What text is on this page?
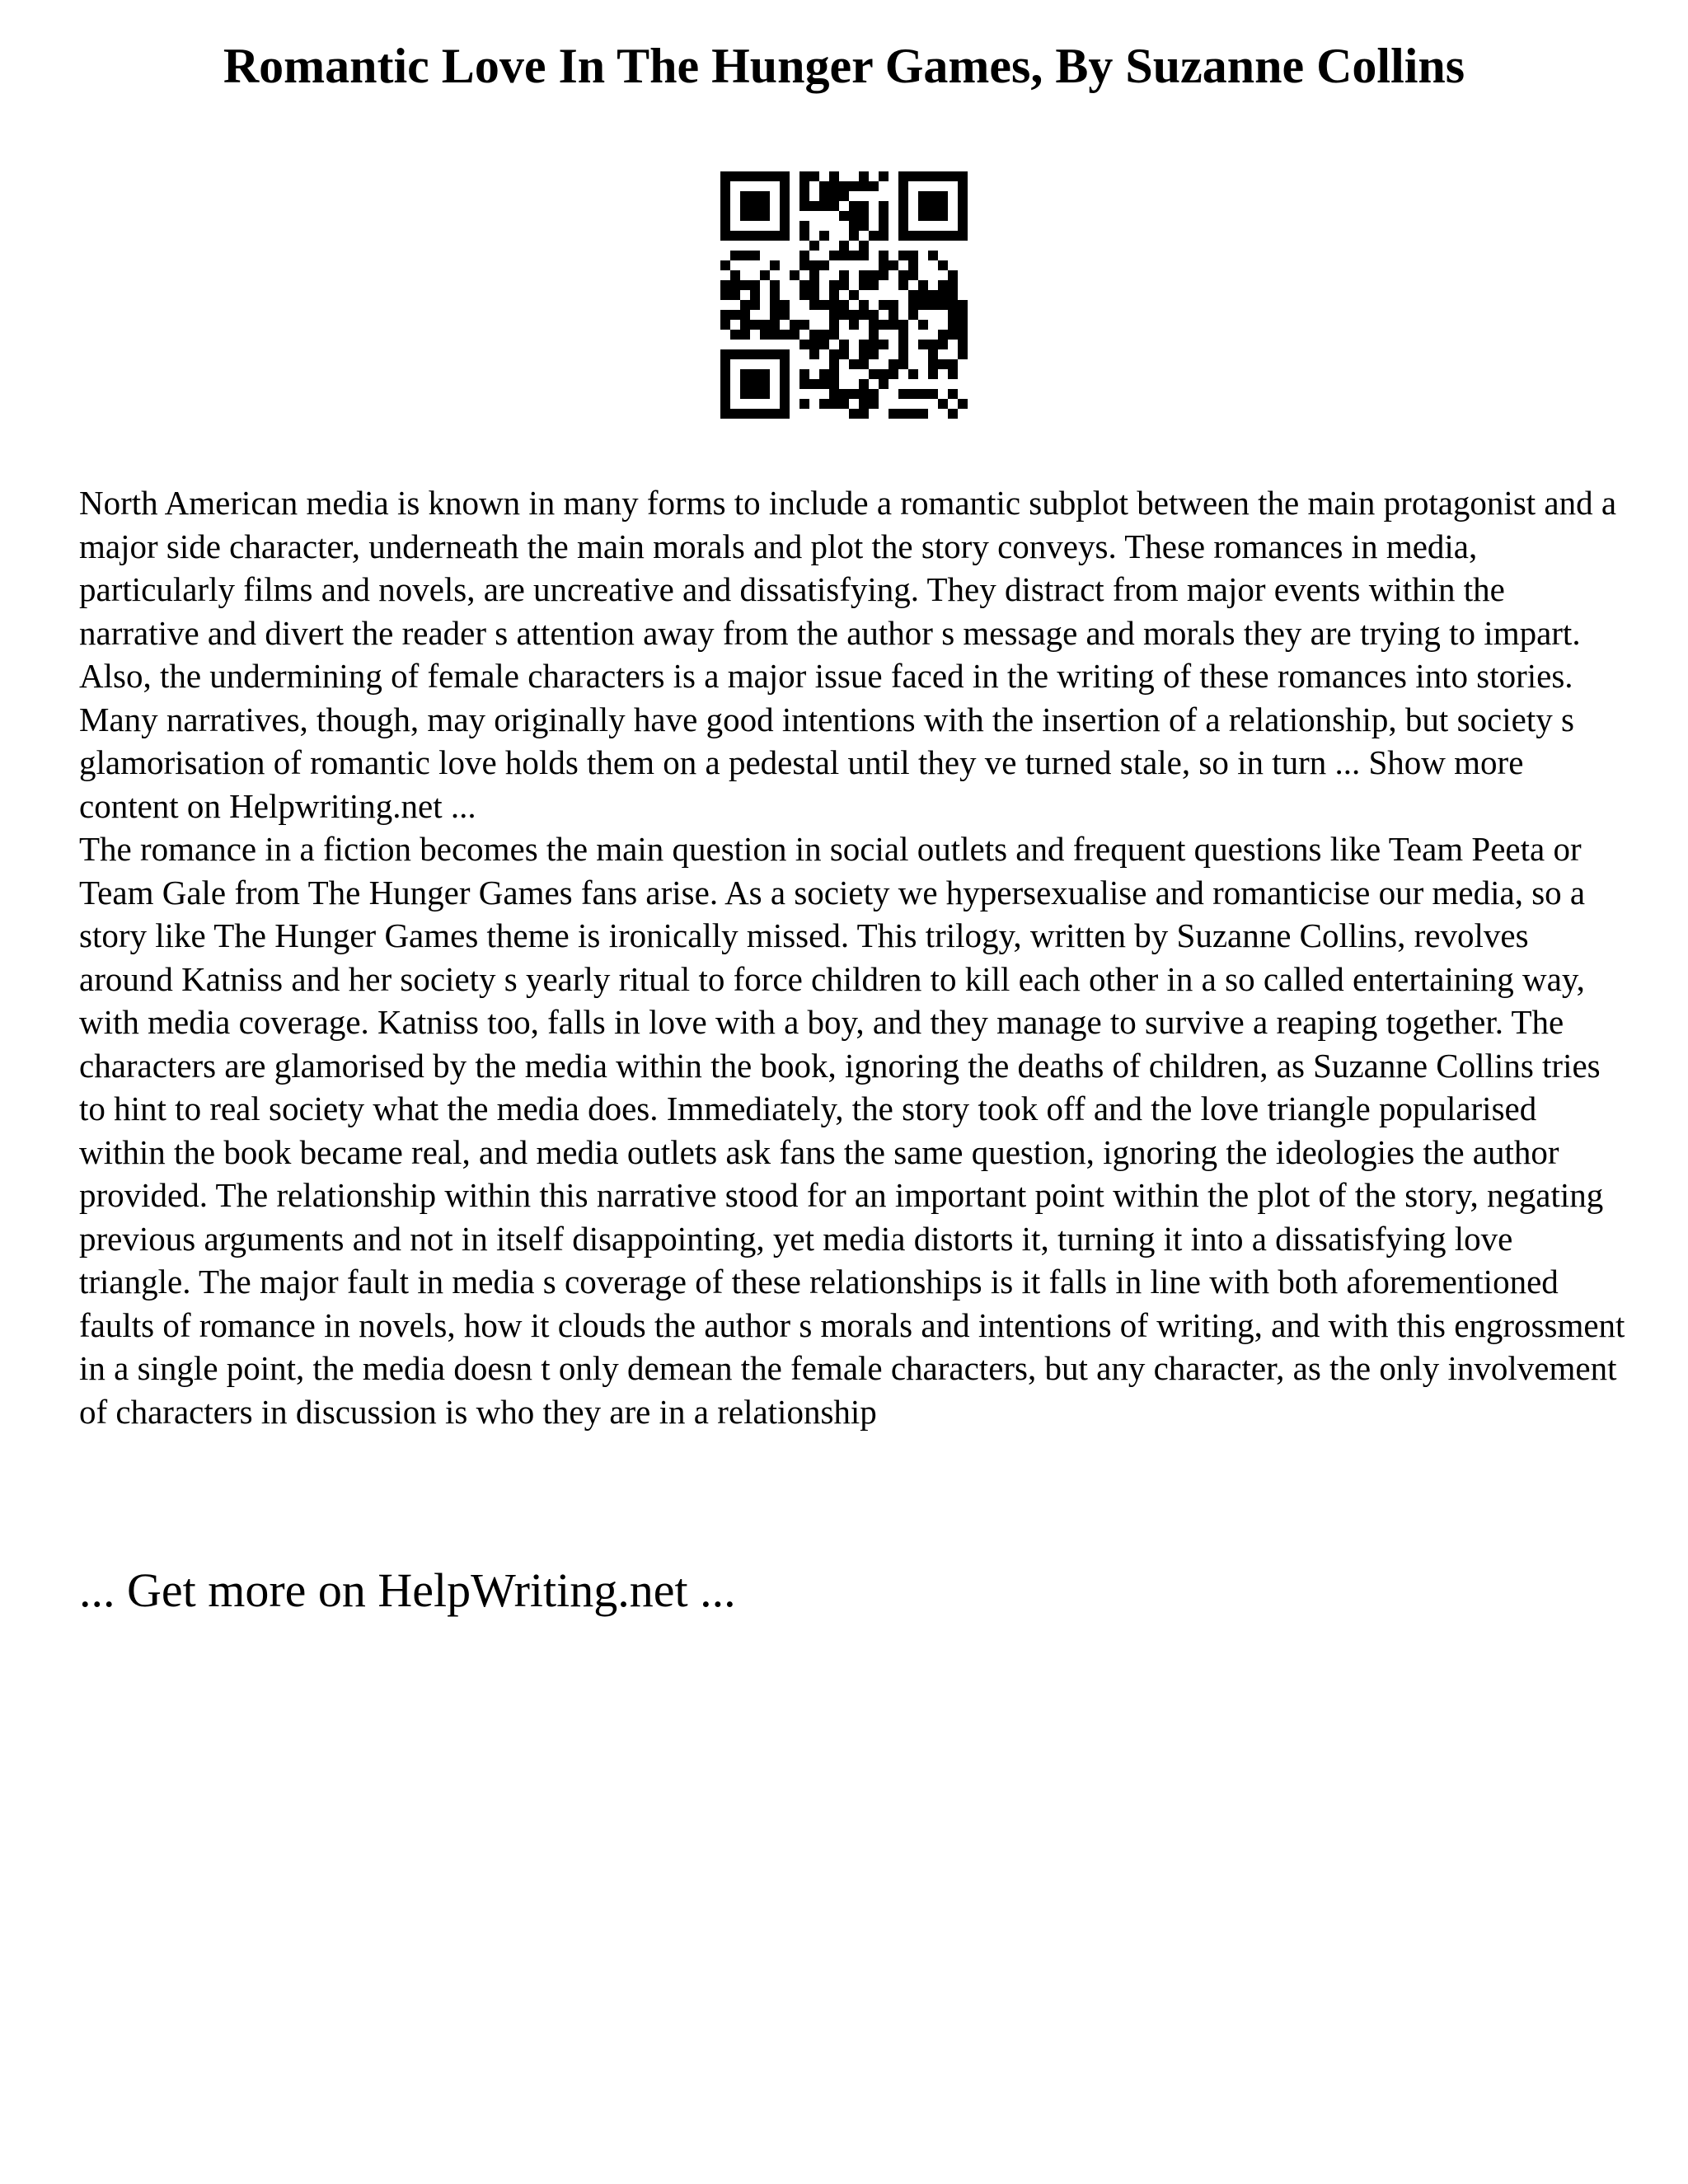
Romantic Love In The Hunger Games, By Suzanne Collins

North American media is known in many forms to include a romantic subplot between the main protagonist and a major side character, underneath the main morals and plot the story conveys. These romances in media, particularly films and novels, are uncreative and dissatisfying. They distract from major events within the narrative and divert the reader s attention away from the author s message and morals they are trying to impart. Also, the undermining of female characters is a major issue faced in the writing of these romances into stories. Many narratives, though, may originally have good intentions with the insertion of a relationship, but society s glamorisation of romantic love holds them on a pedestal until they ve turned stale, so in turn ... Show more content on Helpwriting.net ...

The romance in a fiction becomes the main question in social outlets and frequent questions like Team Peeta or Team Gale from The Hunger Games fans arise. As a society we hypersexualise and romanticise our media, so a story like The Hunger Games theme is ironically missed. This trilogy, written by Suzanne Collins, revolves around Katniss and her society s yearly ritual to force children to kill each other in a so called entertaining way, with media coverage. Katniss too, falls in love with a boy, and they manage to survive a reaping together. The characters are glamorised by the media within the book, ignoring the deaths of children, as Suzanne Collins tries to hint to real society what the media does. Immediately, the story took off and the love triangle popularised within the book became real, and media outlets ask fans the same question, ignoring the ideologies the author provided. The relationship within this narrative stood for an important point within the plot of the story, negating previous arguments and not in itself disappointing, yet media distorts it, turning it into a dissatisfying love triangle. The major fault in media s coverage of these relationships is it falls in line with both aforementioned faults of romance in novels, how it clouds the author s morals and intentions of writing, and with this engrossment in a single point, the media doesn t only demean the female characters, but any character, as the only involvement of characters in discussion is who they are in a relationship

... Get more on HelpWriting.net ...
